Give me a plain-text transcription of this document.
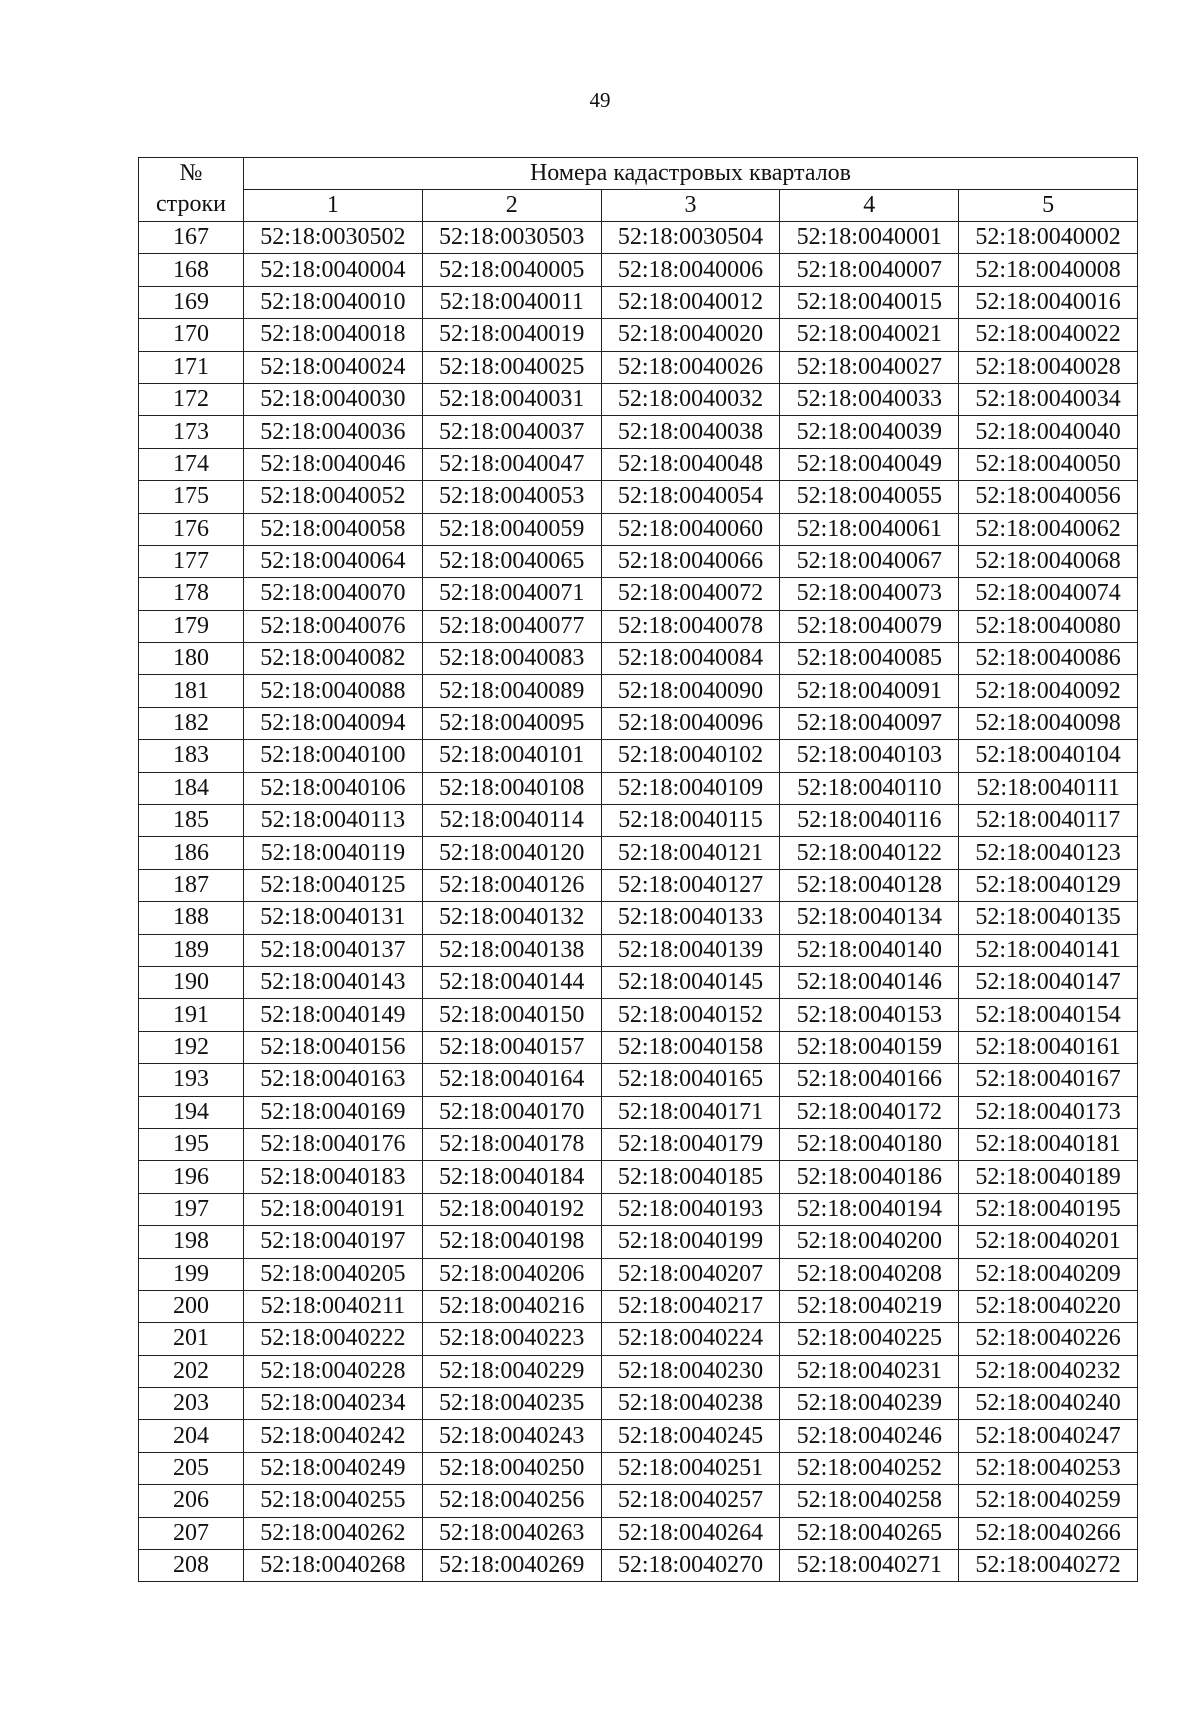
49
№
строки	Номера кадастровых кварталов				
	1	2	3	4	5
167	52:18:0030502	52:18:0030503	52:18:0030504	52:18:0040001	52:18:0040002
168	52:18:0040004	52:18:0040005	52:18:0040006	52:18:0040007	52:18:0040008
169	52:18:0040010	52:18:0040011	52:18:0040012	52:18:0040015	52:18:0040016
170	52:18:0040018	52:18:0040019	52:18:0040020	52:18:0040021	52:18:0040022
171	52:18:0040024	52:18:0040025	52:18:0040026	52:18:0040027	52:18:0040028
172	52:18:0040030	52:18:0040031	52:18:0040032	52:18:0040033	52:18:0040034
173	52:18:0040036	52:18:0040037	52:18:0040038	52:18:0040039	52:18:0040040
174	52:18:0040046	52:18:0040047	52:18:0040048	52:18:0040049	52:18:0040050
175	52:18:0040052	52:18:0040053	52:18:0040054	52:18:0040055	52:18:0040056
176	52:18:0040058	52:18:0040059	52:18:0040060	52:18:0040061	52:18:0040062
177	52:18:0040064	52:18:0040065	52:18:0040066	52:18:0040067	52:18:0040068
178	52:18:0040070	52:18:0040071	52:18:0040072	52:18:0040073	52:18:0040074
179	52:18:0040076	52:18:0040077	52:18:0040078	52:18:0040079	52:18:0040080
180	52:18:0040082	52:18:0040083	52:18:0040084	52:18:0040085	52:18:0040086
181	52:18:0040088	52:18:0040089	52:18:0040090	52:18:0040091	52:18:0040092
182	52:18:0040094	52:18:0040095	52:18:0040096	52:18:0040097	52:18:0040098
183	52:18:0040100	52:18:0040101	52:18:0040102	52:18:0040103	52:18:0040104
184	52:18:0040106	52:18:0040108	52:18:0040109	52:18:0040110	52:18:0040111
185	52:18:0040113	52:18:0040114	52:18:0040115	52:18:0040116	52:18:0040117
186	52:18:0040119	52:18:0040120	52:18:0040121	52:18:0040122	52:18:0040123
187	52:18:0040125	52:18:0040126	52:18:0040127	52:18:0040128	52:18:0040129
188	52:18:0040131	52:18:0040132	52:18:0040133	52:18:0040134	52:18:0040135
189	52:18:0040137	52:18:0040138	52:18:0040139	52:18:0040140	52:18:0040141
190	52:18:0040143	52:18:0040144	52:18:0040145	52:18:0040146	52:18:0040147
191	52:18:0040149	52:18:0040150	52:18:0040152	52:18:0040153	52:18:0040154
192	52:18:0040156	52:18:0040157	52:18:0040158	52:18:0040159	52:18:0040161
193	52:18:0040163	52:18:0040164	52:18:0040165	52:18:0040166	52:18:0040167
194	52:18:0040169	52:18:0040170	52:18:0040171	52:18:0040172	52:18:0040173
195	52:18:0040176	52:18:0040178	52:18:0040179	52:18:0040180	52:18:0040181
196	52:18:0040183	52:18:0040184	52:18:0040185	52:18:0040186	52:18:0040189
197	52:18:0040191	52:18:0040192	52:18:0040193	52:18:0040194	52:18:0040195
198	52:18:0040197	52:18:0040198	52:18:0040199	52:18:0040200	52:18:0040201
199	52:18:0040205	52:18:0040206	52:18:0040207	52:18:0040208	52:18:0040209
200	52:18:0040211	52:18:0040216	52:18:0040217	52:18:0040219	52:18:0040220
201	52:18:0040222	52:18:0040223	52:18:0040224	52:18:0040225	52:18:0040226
202	52:18:0040228	52:18:0040229	52:18:0040230	52:18:0040231	52:18:0040232
203	52:18:0040234	52:18:0040235	52:18:0040238	52:18:0040239	52:18:0040240
204	52:18:0040242	52:18:0040243	52:18:0040245	52:18:0040246	52:18:0040247
205	52:18:0040249	52:18:0040250	52:18:0040251	52:18:0040252	52:18:0040253
206	52:18:0040255	52:18:0040256	52:18:0040257	52:18:0040258	52:18:0040259
207	52:18:0040262	52:18:0040263	52:18:0040264	52:18:0040265	52:18:0040266
208	52:18:0040268	52:18:0040269	52:18:0040270	52:18:0040271	52:18:0040272
